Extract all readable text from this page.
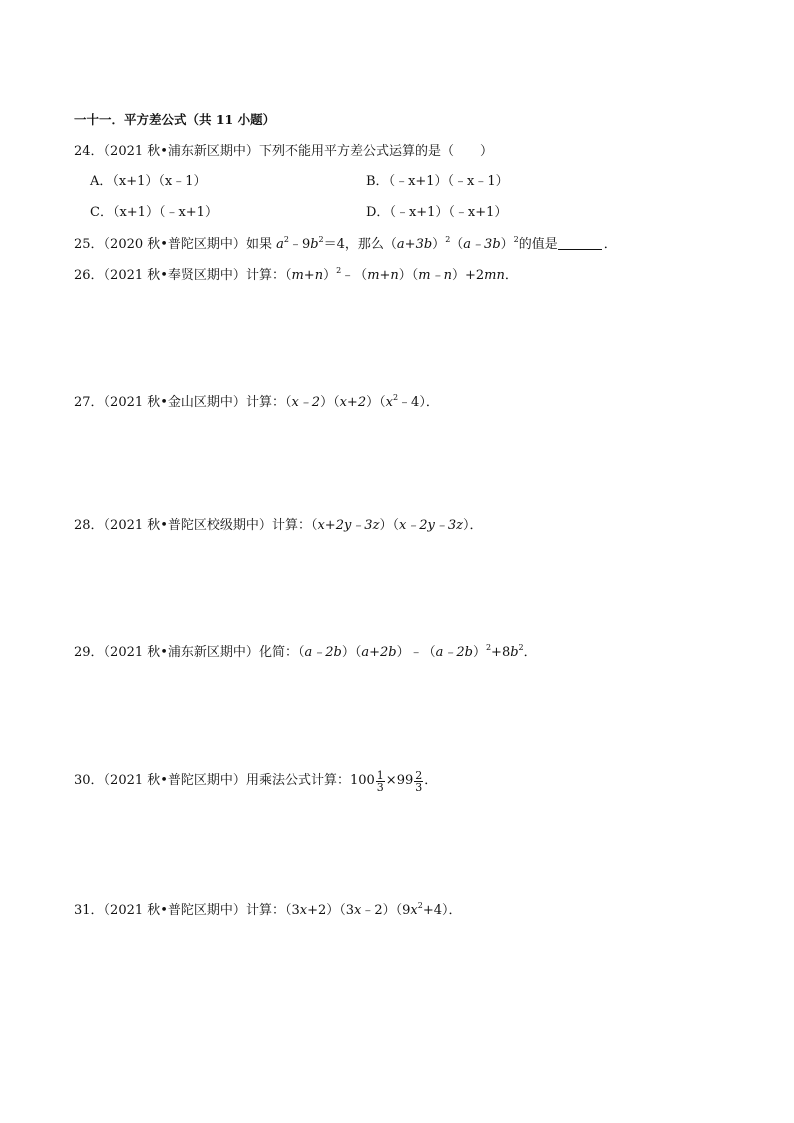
一十一．平方差公式（共 11 小题）
24．（2021 秋•浦东新区期中）下列不能用平方差公式运算的是（　　）
A．（x+1）（x﹣1）	B．（﹣x+1）（﹣x﹣1）
C．（x+1）（﹣x+1）	D．（﹣x+1）（﹣x+1）
25．（2020 秋•普陀区期中）如果 $a^2﹣9b^2=4$，那么$(a+3b)^2(a﹣3b)^2$的值是	．
26．（2021 秋•奉贤区期中）计算：$(m+n)^2﹣(m+n)(m﹣n)+2mn$．
27．（2021 秋•金山区期中）计算：$(x﹣2)(x+2)(x^2﹣4)$．
28．（2021 秋•普陀区校级期中）计算：（x+2y﹣3z）（x﹣2y﹣3z）．
29．（2021 秋•浦东新区期中）化简：$(a﹣2b)(a+2b)﹣(a﹣2b)^2+8b^2$．
30．（2021 秋•普陀区期中）用乘法公式计算：$100 \frac{1}{3} \times 99 \frac{2}{3}$ ．
31．（2021 秋•普陀区期中）计算：$(3x+2)(3x﹣2)(9x^2+4)$．
